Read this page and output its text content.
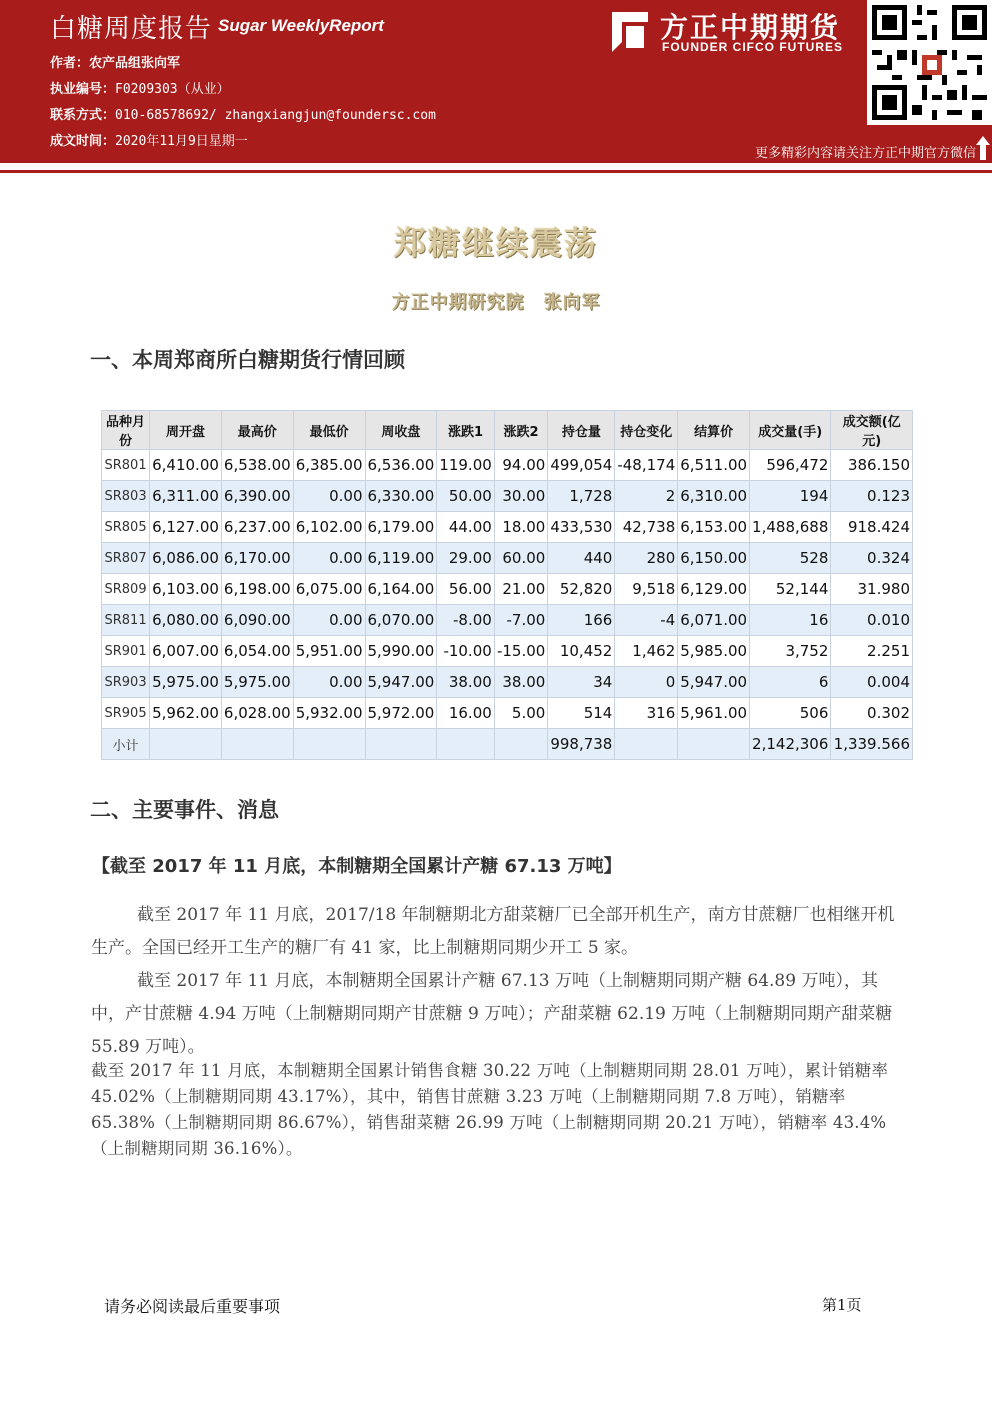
白糖周度报告 Sugar WeeklyReport
作者：农产品组张向军
执业编号：F0209303（从业）
联系方式：010-68578692/ zhangxiangjun@foundersc.com
成文时间：2020年11月9日星期一
方正中期期货
FOUNDER CIFCO FUTURES
更多精彩内容请关注方正中期官方微信
郑糖继续震荡
方正中期研究院　张向军
一、本周郑商所白糖期货行情回顾
品种月份	周开盘	最高价	最低价	周收盘	涨跌1	涨跌2	持仓量	持仓变化	结算价	成交量(手)	成交额(亿元)
SR801	6,410.00	6,538.00	6,385.00	6,536.00	119.00	94.00	499,054	-48,174	6,511.00	596,472	386.150
SR803	6,311.00	6,390.00	0.00	6,330.00	50.00	30.00	1,728	2	6,310.00	194	0.123
SR805	6,127.00	6,237.00	6,102.00	6,179.00	44.00	18.00	433,530	42,738	6,153.00	1,488,688	918.424
SR807	6,086.00	6,170.00	0.00	6,119.00	29.00	60.00	440	280	6,150.00	528	0.324
SR809	6,103.00	6,198.00	6,075.00	6,164.00	56.00	21.00	52,820	9,518	6,129.00	52,144	31.980
SR811	6,080.00	6,090.00	0.00	6,070.00	-8.00	-7.00	166	-4	6,071.00	16	0.010
SR901	6,007.00	6,054.00	5,951.00	5,990.00	-10.00	-15.00	10,452	1,462	5,985.00	3,752	2.251
SR903	5,975.00	5,975.00	0.00	5,947.00	38.00	38.00	34	0	5,947.00	6	0.004
SR905	5,962.00	6,028.00	5,932.00	5,972.00	16.00	5.00	514	316	5,961.00	506	0.302
小计							998,738			2,142,306	1,339.566
二、主要事件、消息
【截至 2017 年 11 月底，本制糖期全国累计产糖 67.13 万吨】
截至 2017 年 11 月底，2017/18 年制糖期北方甜菜糖厂已全部开机生产，南方甘蔗糖厂也相继开机生产。全国已经开工生产的糖厂有 41 家，比上制糖期同期少开工 5 家。
截至 2017 年 11 月底，本制糖期全国累计产糖 67.13 万吨（上制糖期同期产糖 64.89 万吨），其中，产甘蔗糖 4.94 万吨（上制糖期同期产甘蔗糖 9 万吨）；产甜菜糖 62.19 万吨（上制糖期同期产甜菜糖 55.89 万吨）。
截至 2017 年 11 月底，本制糖期全国累计销售食糖 30.22 万吨（上制糖期同期 28.01 万吨），累计销糖率 45.02%（上制糖期同期 43.17%），其中，销售甘蔗糖 3.23 万吨（上制糖期同期 7.8 万吨），销糖率 65.38%（上制糖期同期 86.67%），销售甜菜糖 26.99 万吨（上制糖期同期 20.21 万吨），销糖率 43.4%（上制糖期同期 36.16%）。
请务必阅读最后重要事项	第1页
